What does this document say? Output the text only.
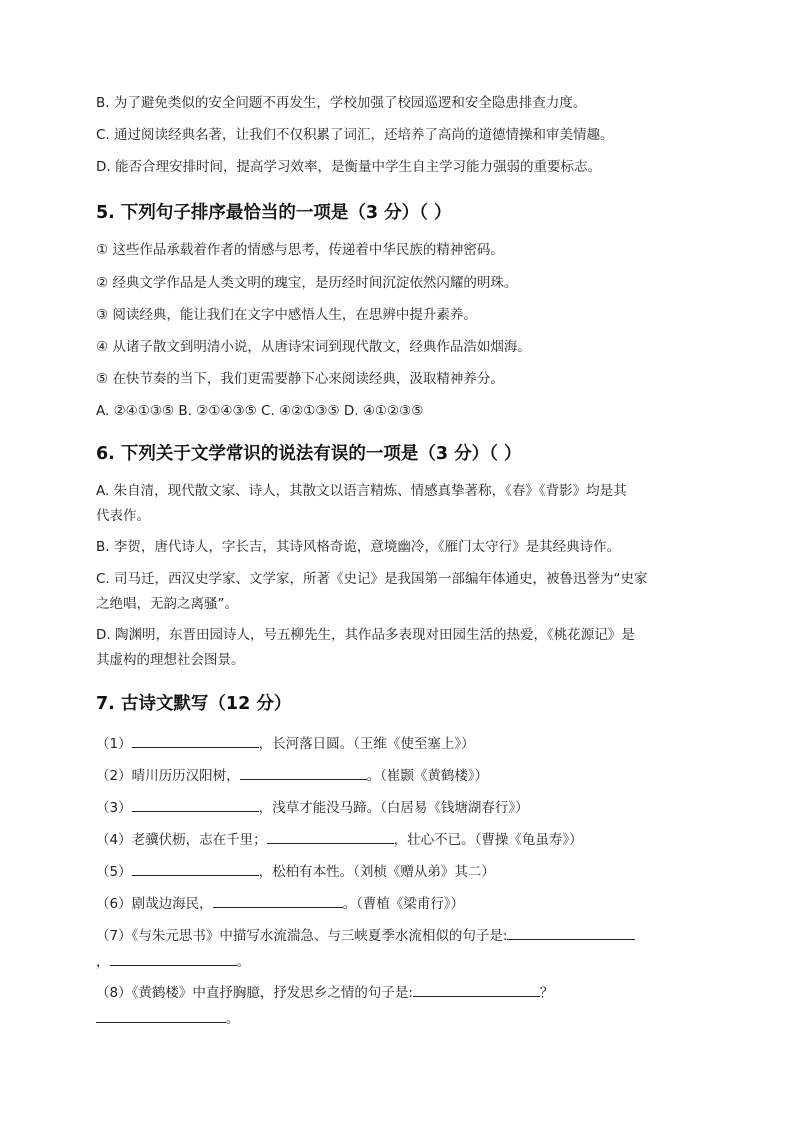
B. 为了避免类似的安全问题不再发生，学校加强了校园巡逻和安全隐患排查力度。
C. 通过阅读经典名著，让我们不仅积累了词汇，还培养了高尚的道德情操和审美情趣。
D. 能否合理安排时间，提高学习效率，是衡量中学生自主学习能力强弱的重要标志。
5. 下列句子排序最恰当的一项是（3 分）（ ）
① 这些作品承载着作者的情感与思考，传递着中华民族的精神密码。
② 经典文学作品是人类文明的瑰宝，是历经时间沉淀依然闪耀的明珠。
③ 阅读经典，能让我们在文字中感悟人生，在思辨中提升素养。
④ 从诸子散文到明清小说，从唐诗宋词到现代散文，经典作品浩如烟海。
⑤ 在快节奏的当下，我们更需要静下心来阅读经典，汲取精神养分。
A. ②④①③⑤ B. ②①④③⑤ C. ④②①③⑤ D. ④①②③⑤
6. 下列关于文学常识的说法有误的一项是（3 分）（ ）
A. 朱自清，现代散文家、诗人，其散文以语言精炼、情感真挚著称，《春》《背影》均是其
代表作。
B. 李贺，唐代诗人，字长吉，其诗风格奇诡，意境幽冷，《雁门太守行》是其经典诗作。
C. 司马迁，西汉史学家、文学家，所著《史记》是我国第一部编年体通史，被鲁迅誉为“史家
之绝唱，无韵之离骚”。
D. 陶渊明，东晋田园诗人，号五柳先生，其作品多表现对田园生活的热爱，《桃花源记》是
其虚构的理想社会图景。
7. 古诗文默写（12 分）
（1）	，长河落日圆。（王维《使至塞上》）
（2）晴川历历汉阳树，	。（崔颢《黄鹤楼》）
（3）	，浅草才能没马蹄。（白居易《钱塘湖春行》）
（4）老骥伏枥，志在千里；	，壮心不已。（曹操《龟虽寿》）
（5）	，松柏有本性。（刘桢《赠从弟》其二）
（6）剧哉边海民，	。（曹植《梁甫行》）
（7）《与朱元思书》中描写水流湍急、与三峡夏季水流相似的句子是:
，	。
（8）《黄鹤楼》中直抒胸臆，抒发思乡之情的句子是:	？
。
